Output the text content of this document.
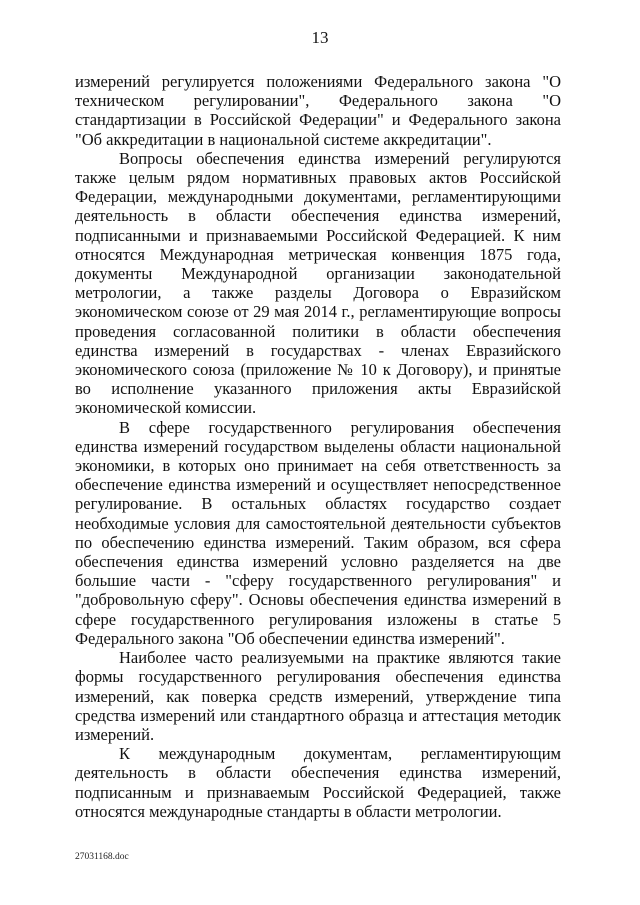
13

измерений регулируется положениями Федерального закона "О техническом регулировании", Федерального закона "О стандартизации в Российской Федерации" и Федерального закона "Об аккредитации в национальной системе аккредитации".

Вопросы обеспечения единства измерений регулируются также целым рядом нормативных правовых актов Российской Федерации, международными документами, регламентирующими деятельность в области обеспечения единства измерений, подписанными и признаваемыми Российской Федерацией. К ним относятся Международная метрическая конвенция 1875 года, документы Международной организации законодательной метрологии, а также разделы Договора о Евразийском экономическом союзе от 29 мая 2014 г., регламентирующие вопросы проведения согласованной политики в области обеспечения единства измерений в государствах - членах Евразийского экономического союза (приложение № 10 к Договору), и принятые во исполнение указанного приложения акты Евразийской экономической комиссии.

В сфере государственного регулирования обеспечения единства измерений государством выделены области национальной экономики, в которых оно принимает на себя ответственность за обеспечение единства измерений и осуществляет непосредственное регулирование. В остальных областях государство создает необходимые условия для самостоятельной деятельности субъектов по обеспечению единства измерений. Таким образом, вся сфера обеспечения единства измерений условно разделяется на две большие части - "сферу государственного регулирования" и "добровольную сферу". Основы обеспечения единства измерений в сфере государственного регулирования изложены в статье 5 Федерального закона "Об обеспечении единства измерений".

Наиболее часто реализуемыми на практике являются такие формы государственного регулирования обеспечения единства измерений, как поверка средств измерений, утверждение типа средства измерений или стандартного образца и аттестация методик измерений.

К международным документам, регламентирующим деятельность в области обеспечения единства измерений, подписанным и признаваемым Российской Федерацией, также относятся международные стандарты в области метрологии.

27031168.doc
